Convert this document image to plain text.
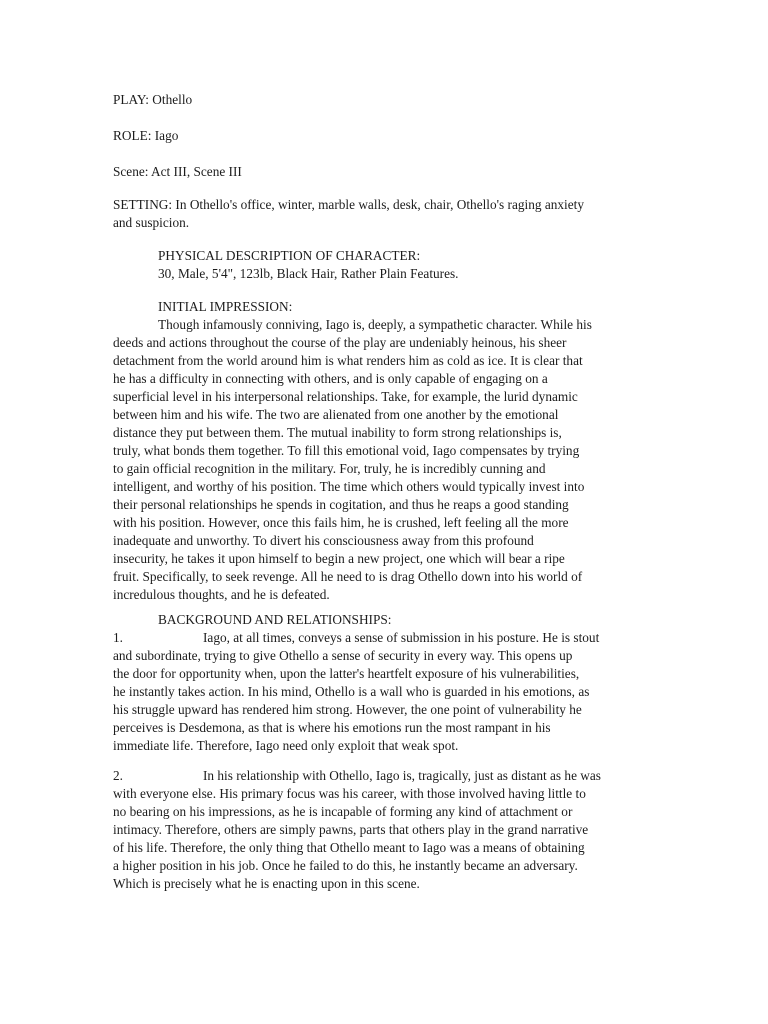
PLAY: Othello
ROLE: Iago
Scene: Act III, Scene III
SETTING: In Othello's office, winter, marble walls, desk, chair, Othello's raging anxiety
and suspicion.
PHYSICAL DESCRIPTION OF CHARACTER:
30, Male, 5'4", 123lb, Black Hair, Rather Plain Features.
INITIAL IMPRESSION:
Though infamously conniving, Iago is, deeply, a sympathetic character. While his
deeds and actions throughout the course of the play are undeniably heinous, his sheer
detachment from the world around him is what renders him as cold as ice. It is clear that
he has a difficulty in connecting with others, and is only capable of engaging on a
superficial level in his interpersonal relationships. Take, for example, the lurid dynamic
between him and his wife. The two are alienated from one another by the emotional
distance they put between them. The mutual inability to form strong relationships is,
truly, what bonds them together. To fill this emotional void, Iago compensates by trying
to gain official recognition in the military. For, truly, he is incredibly cunning and
intelligent, and worthy of his position. The time which others would typically invest into
their personal relationships he spends in cogitation, and thus he reaps a good standing
with his position. However, once this fails him, he is crushed, left feeling all the more
inadequate and unworthy. To divert his consciousness away from this profound
insecurity, he takes it upon himself to begin a new project, one which will bear a ripe
fruit. Specifically, to seek revenge. All he need to is drag Othello down into his world of
incredulous thoughts, and he is defeated.
BACKGROUND AND RELATIONSHIPS:
1.	Iago, at all times, conveys a sense of submission in his posture. He is stout
and subordinate, trying to give Othello a sense of security in every way. This opens up
the door for opportunity when, upon the latter's heartfelt exposure of his vulnerabilities,
he instantly takes action. In his mind, Othello is a wall who is guarded in his emotions, as
his struggle upward has rendered him strong. However, the one point of vulnerability he
perceives is Desdemona, as that is where his emotions run the most rampant in his
immediate life. Therefore, Iago need only exploit that weak spot.
2.	In his relationship with Othello, Iago is, tragically, just as distant as he was
with everyone else. His primary focus was his career, with those involved having little to
no bearing on his impressions, as he is incapable of forming any kind of attachment or
intimacy. Therefore, others are simply pawns, parts that others play in the grand narrative
of his life. Therefore, the only thing that Othello meant to Iago was a means of obtaining
a higher position in his job. Once he failed to do this, he instantly became an adversary.
Which is precisely what he is enacting upon in this scene.
